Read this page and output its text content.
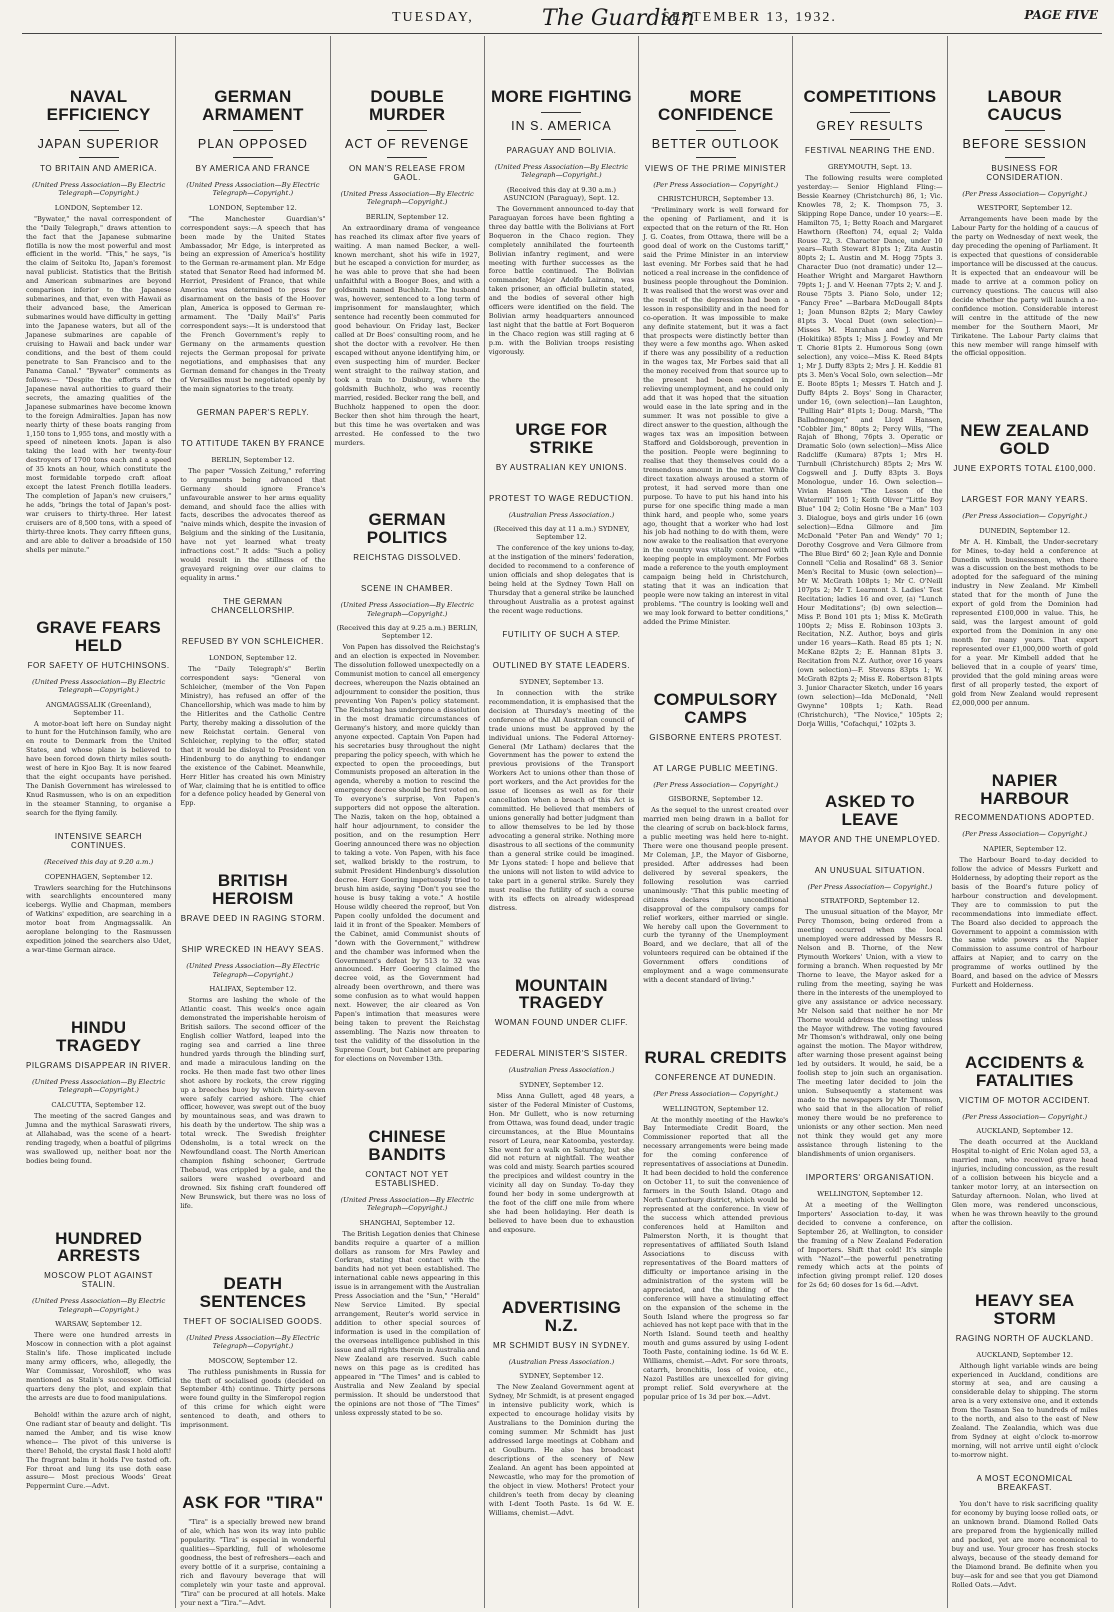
TUESDAY,	The Guardian
SEPTEMBER 13, 1932.	PAGE FIVE
NAVAL EFFICIENCY
JAPAN SUPERIOR
TO BRITAIN AND AMERICA.
(United Press Association—By Electric Telegraph—Copyright.)
LONDON, September 12.
"Bywater," the naval correspondent of the "Daily Telegraph," draws attention to the fact that the Japanese submarine flotilla is now the most powerful and most efficient in the world. "This," he says, "is the claim of Seitoku Ito, Japan's foremost naval publicist. Statistics that the British and American submarines are beyond comparison inferior to the Japanese submarines, and that, even with Hawaii as their advanced base, the American submarines would have difficulty in getting into the Japanese waters, but all of the Japanese submarines are capable of cruising to Hawaii and back under war conditions, and the best of them could penetrate to San Francisco and to the Panama Canal." "Bywater" comments as follows:— "Despite the efforts of the Japanese naval authorities to guard their secrets, the amazing qualities of the Japanese submarines have become known to the foreign Admiralties. Japan has now nearly thirty of these boats ranging from 1,150 tons to 1,955 tons, and mostly with a speed of nineteen knots. Japan is also taking the lead with her twenty-four destroyers of 1700 tons each and a speed of 35 knots an hour, which constitute the most formidable torpedo craft afloat except the latest French flotilla leaders. The completion of Japan's new cruisers," he adds, "brings the total of Japan's post-war cruisers to thirty-three. Her latest cruisers are of 8,500 tons, with a speed of thirty-three knots. They carry fifteen guns, and are able to deliver a broadside of 150 shells per minute."
GRAVE FEARS HELD
FOR SAFETY OF HUTCHINSONS.
(United Press Association—By Electric Telegraph—Copyright.)
ANGMAGSSALIK (Greenland), September 11.
A motor-boat left here on Sunday night to hunt for the Hutchinson family, who are en route to Denmark from the United States, and whose plane is believed to have been forced down thirty miles south-west of here in Kjoo Bay. It is now feared that the eight occupants have perished. The Danish Government has wirelessed to Knud Rasmussen, who is on an expedition in the steamer Stanning, to organise a search for the flying family.
INTENSIVE SEARCH CONTINUES.
(Received this day at 9.20 a.m.)
COPENHAGEN, September 12.
Trawlers searching for the Hutchinsons with searchlights encountered many icebergs. Wyllie and Chapman, members of Watkins' expedition, are searching in a motor boat from Angmagssalik. An aeroplane belonging to the Rasmussen expedition joined the searchers also Udet, a war-time German airace.
HINDU TRAGEDY
PILGRAMS DISAPPEAR IN RIVER.
(United Press Association—By Electric Telegraph—Copyright.)
CALCUTTA, September 12.
The meeting of the sacred Ganges and Jumna and the mythical Saraswati rivers, at Allahabad, was the scene of a heart-rending tragedy, when a boatful of pilgrims was swallowed up, neither boat nor the bodies being found.
HUNDRED ARRESTS
MOSCOW PLOT AGAINST STALIN.
(United Press Association—By Electric Telegraph—Copyright.)
WARSAW, September 12.
There were one hundred arrests in Moscow in connection with a plot against Stalin's life. Those implicated include many army officers, who, allegedly, the War Commissar, Voroshiloff, who was mentioned as Stalin's successor. Official quarters deny the plot, and explain that the arrests are due to food manipulations.
Behold! within the azure arch of night, One radiant star of beauty and delight. 'Tis named the Amber, and tis wise know whence— The pivot of this universe is there! Behold, the crystal flask I hold aloft! The fragrant balm it holds I've tasted oft. For throat and lung its use doth ease assure— Most precious Woods' Great Peppermint Cure.—Advt.
GERMAN ARMAMENT
PLAN OPPOSED
BY AMERICA AND FRANCE
(United Press Association—By Electric Telegraph—Copyright.)
LONDON, September 12.
"The Manchester Guardian's" correspondent says:—A speech that has been made by the United States Ambassador, Mr Edge, is interpreted as being an expression of America's hostility to the German re-armament plan. Mr Edge stated that Senator Reed had informed M. Herriot, President of France, that while America was determined to press for disarmament on the basis of the Hoover plan, America is opposed to German re-armament. The "Daily Mail's" Paris correspondent says:—It is understood that the French Government's reply to Germany on the armaments question rejects the German proposal for private negotiations, and emphasises that any German demand for changes in the Treaty of Versailles must be negotiated openly by the main signatories to the treaty.
GERMAN PAPER'S REPLY.
TO ATTITUDE TAKEN BY FRANCE
BERLIN, September 12.
The paper "Vossich Zeitung," referring to arguments being advanced that Germany should ignore France's unfavourable answer to her arms equality demand, and should face the allies with facts, describes the advocates thereof as "naive minds which, despite the invasion of Belgium and the sinking of the Lusitania, have not yet learned what treaty infractions cost." It adds: "Such a policy would result in the stillness of the graveyard reigning over our claims to equality in arms."
THE GERMAN CHANCELLORSHIP.
REFUSED BY VON SCHLEICHER.
LONDON, September 12.
The "Daily Telegraph's" Berlin correspondent says: "General von Schleicher, (member of the Von Papen Ministry), has refused an offer of the Chancellorship, which was made to him by the Hitlerites and the Catholic Centre Party, thereby making a dissolution of the new Reichstat certain. General von Schleicher, replying to the offer, stated that it would be disloyal to President von Hindenburg to do anything to endanger the existence of the Cabinet. Meanwhile, Herr Hitler has created his own Ministry of War, claiming that he is entitled to office for a defence policy headed by General von Epp.
BRITISH HEROISM
BRAVE DEED IN RAGING STORM.
SHIP WRECKED IN HEAVY SEAS.
(United Press Association—By Electric Telegraph—Copyright.)
HALIFAX, September 12.
Storms are lashing the whole of the Atlantic coast. This week's once again demonstrated the imperishable heroism of British sailors. The second officer of the English collier Watford, leaped into the raging sea and carried a line three hundred yards through the blinding surf, and made a miraculous landing on the rocks. He then made fast two other lines shot ashore by rockets, the crew rigging up a breeches buoy by which thirty-seven were safely carried ashore. The chief officer, however, was swept out of the buoy by mountainous seas, and was drawn to his death by the undertow. The ship was a total wreck. The Swedish freighter Odensholm, is a total wreck on the Newfoundland coast. The North American champion fishing schooner, Gertrude Thebaud, was crippled by a gale, and the sailors were washed overboard and drowned. Six fishing craft foundered off New Brunswick, but there was no loss of life.
DEATH SENTENCES
THEFT OF SOCIALISED GOODS.
(United Press Association—By Electric Telegraph—Copyright.)
MOSCOW, September 12.
The ruthless punishments in Russia for the theft of socialised goods (decided on September 4th) continue. Thirty persons were found guilty in the Simferopol region of this crime for which eight were sentenced to death, and others to imprisonment.
ASK FOR "TIRA"
"Tira" is a specially brewed new brand of ale, which has won its way into public popularity. "Tira" is especial in wonderful qualities—Sparkling, full of wholesome goodness, the best of refreshers—each and every bottle of it a surprise, containing a rich and flavoury beverage that will completely win your taste and approval. "Tira" can be procured at all hotels. Make your next a "Tira."—Advt.
DOUBLE MURDER
ACT OF REVENGE
ON MAN'S RELEASE FROM GAOL.
(United Press Association—By Electric Telegraph—Copyright.)
BERLIN, September 12.
An extraordinary drama of vengeance has reached its climax after five years of waiting. A man named Becker, a well-known merchant, shot his wife in 1927, but he escaped a conviction for murder, as he was able to prove that she had been unfaithful with a Booger Boes, and with a goldsmith named Buchholz. The husband was, however, sentenced to a long term of imprisonment for manslaughter, which sentence had recently been commuted for good behaviour. On Friday last, Becker called at Dr Boes' consulting room, and he shot the doctor with a revolver. He then escaped without anyone identifying him, or even suspecting him of murder. Becker went straight to the railway station, and took a train to Duisburg, where the goldsmith Buchholz, who was recently married, resided. Becker rang the bell, and Buchholz happened to open the door. Becker then shot him through the heart, but this time he was overtaken and was arrested. He confessed to the two murders.
GERMAN POLITICS
REICHSTAG DISSOLVED.
SCENE IN CHAMBER.
(United Press Association—By Electric Telegraph—Copyright.)
(Received this day at 9.25 a.m.) BERLIN, September 12.
Von Papen has dissolved the Reichstag's and an election is expected in November. The dissolution followed unexpectedly on a Communist motion to cancel all emergency decrees, whereupon the Nazis obtained an adjournment to consider the position, thus preventing Von Papen's policy statement. The Reichstag has undergone a dissolution in the most dramatic circumstances of Germany's history, and more quickly than anyone expected. Captain Von Papen had his secretaries busy throughout the night preparing the policy speech, with which he expected to open the proceedings, but Communists proposed an alteration in the agenda, whereby a motion to rescind the emergency decree should be first voted on. To everyone's surprise, Von Papen's supporters did not oppose the alteration. The Nazis, taken on the hop, obtained a half hour adjournment, to consider the position, and on the resumption Herr Goering announced there was no objection to taking a vote. Von Papen, with his face set, walked briskly to the rostrum, to submit President Hindenburg's dissolution decree. Herr Goering impetuously tried to brush him aside, saying "Don't you see the house is busy taking a vote." A hostile House wildly cheered the reproof, but Von Papen coolly unfolded the document and laid it in front of the Speaker. Members of the Cabinet, amid Communist shouts of "down with the Government," withdrew and the chamber was informed when the Government's defeat by 513 to 32 was announced. Herr Goering claimed the decree void, as the Government had already been overthrown, and there was some confusion as to what would happen next. However, the air cleared as Von Papen's intimation that measures were being taken to prevent the Reichstag assembling. The Nazis now threaten to test the validity of the dissolution in the Supreme Court, but Cabinet are preparing for elections on November 13th.
CHINESE BANDITS
CONTACT NOT YET ESTABLISHED.
(United Press Association—By Electric Telegraph—Copyright.)
SHANGHAI, September 12.
The British Legation denies that Chinese bandits require a quarter of a million dollars as ransom for Mrs Pawley and Corkran, stating that contact with the bandits had not yet been established. The international cable news appearing in this issue is in arrangement with the Australian Press Association and the "Sun," "Herald" New Service Limited. By special arrangement, Reuter's world service in addition to other special sources of information is used in the compilation of the overseas intelligence published in this issue and all rights therein in Australia and New Zealand are reserved. Such cable news on this page as is credited has appeared in "The Times" and is cabled to Australia and New Zealand by special permission. It should be understood that the opinions are not those of "The Times" unless expressly stated to be so.
MORE FIGHTING
IN S. AMERICA
PARAGUAY AND BOLIVIA.
(United Press Association—By Electric Telegraph—Copyright.)
(Received this day at 9.30 a.m.) ASUNCION (Paraguay), Sept. 12.
The Government announced to-day that Paraguayan forces have been fighting a three day battle with the Bolivians at Fort Boqueron in the Chaco region. They completely annihilated the fourteenth Bolivian infantry regiment, and were meeting with further successes as the force battle continued. The Bolivian commander, Major Adolfo Lairana, was taken prisoner, an official bulletin stated, and the bodies of several other high officers were identified on the field. The Bolivian army headquarters announced last night that the battle at Fort Boqueron in the Chaco region was still raging at 6 p.m. with the Bolivian troops resisting vigorously.
URGE FOR STRIKE
BY AUSTRALIAN KEY UNIONS.
PROTEST TO WAGE REDUCTION.
(Australian Press Association.)
(Received this day at 11 a.m.) SYDNEY, September 12.
The conference of the key unions to-day, at the instigation of the miners' federation, decided to recommend to a conference of union officials and shop delegates that is being held at the Sydney Town Hall on Thursday that a general strike be launched throughout Australia as a protest against the recent wage reductions.
FUTILITY OF SUCH A STEP.
OUTLINED BY STATE LEADERS.
SYDNEY, September 13.
In connection with the strike recommendation, it is emphasised that the decision at Thursday's meeting of the conference of the All Australian council of trade unions must be approved by the individual unions. The Federal Attorney-General (Mr Latham) declares that the Government has the power to extend the previous provisions of the Transport Workers Act to unions other than those of port workers, and the Act provides for the issue of licenses as well as for their cancellation when a breach of this Act is committed. He believed that members of unions generally had better judgment than to allow themselves to be led by those advocating a general strike. Nothing more disastrous to all sections of the community than a general strike could be imagined. Mr Lyons stated: I hope and believe that the unions will not listen to wild advice to take part in a general strike. Surely they must realise the futility of such a course with its effects on already widespread distress.
MOUNTAIN TRAGEDY
WOMAN FOUND UNDER CLIFF.
FEDERAL MINISTER'S SISTER.
(Australian Press Association.)
SYDNEY, September 12.
Miss Anna Gullett, aged 48 years, a sister of the Federal Minister of Customs, Hon. Mr Gullett, who is now returning from Ottawa, was found dead, under tragic circumstances, at the Blue Mountains resort of Leura, near Katoomba, yesterday. She went for a walk on Saturday, but she did not return at nightfall. The weather was cold and misty. Search parties scoured the precipices and wildest country in the vicinity all day on Sunday. To-day they found her body in some undergrowth at the foot of the cliff one mile from where she had been holidaying. Her death is believed to have been due to exhaustion and exposure.
ADVERTISING N.Z.
MR SCHMIDT BUSY IN SYDNEY.
(Australian Press Association.)
SYDNEY, September 12.
The New Zealand Government agent at Sydney, Mr Schmidt, is at present engaged in intensive publicity work, which is expected to encourage holiday visits by Australians to the Dominion during the coming summer. Mr Schmidt has just addressed large meetings at Cobham and at Goulburn. He also has broadcast descriptions of the scenery of New Zealand. An agent has been appointed at Newcastle, who may for the promotion of the object in view. Mothers! Protect your children's teeth from decay by cleaning with I-dent Tooth Paste. 1s 6d W. E. Williams, chemist.—Advt.
MORE CONFIDENCE
BETTER OUTLOOK
VIEWS OF THE PRIME MINISTER
(Per Press Association— Copyright.)
CHRISTCHURCH, September 13.
"Preliminary work is well forward for the opening of Parliament, and it is expected that on the return of the Rt. Hon J. G. Coates, from Ottawa, there will be a good deal of work on the Customs tariff," said the Prime Minister in an interview last evening. Mr Forbes said that he had noticed a real increase in the confidence of business people throughout the Dominion. It was realised that the worst was over and the result of the depression had been a lesson in responsibility and in the need for co-operation. It was impossible to make any definite statement, but it was a fact that prospects were distinctly better than they were a few months ago. When asked if there was any possibility of a reduction in the wages tax, Mr Forbes said that all the money received from that source up to the present had been expended in relieving unemployment, and he could only add that it was hoped that the situation would ease in the late spring and in the summer. It was not possible to give a direct answer to the question, although the wages tax was an imposition between Stafford and Goldsborough, prevention in the position. People were beginning to realise that they themselves could do a tremendous amount in the matter. While direct taxation always aroused a storm of protest, it had served more than one purpose. To have to put his hand into his purse for one specific thing made a man think hard, and people who, some years ago, thought that a worker who had lost his job had nothing to do with them, were now awake to the realisation that everyone in the country was vitally concerned with keeping people in employment. Mr Forbes made a reference to the youth employment campaign being held in Christchurch, stating that it was an indication that people were now taking an interest in vital problems. "The country is looking well and we may look forward to better conditions," added the Prime Minister.
COMPULSORY CAMPS
GISBORNE ENTERS PROTEST.
AT LARGE PUBLIC MEETING.
(Per Press Association— Copyright.)
GISBORNE, September 12.
As the sequel to the unrest created over married men being drawn in a ballot for the clearing of scrub on back-block farms, a public meeting was held here to-night. There were one thousand people present. Mr Coleman, J.P., the Mayor of Gisborne, presided. After addresses had been delivered by several speakers, the following resolution was carried unanimously: "That this public meeting of citizens declares its unconditional disapproval of the compulsory camps for relief workers, either married or single. We hereby call upon the Government to curb the tyranny of the Unemployment Board, and we declare, that all of the volunteers required can be obtained if the Government offers conditions of employment and a wage commensurate with a decent standard of living."
RURAL CREDITS
CONFERENCE AT DUNEDIN.
(Per Press Association— Copyright.)
WELLINGTON, September 12.
At the monthly meeting of the Hawke's Bay Intermediate Credit Board, the Commissioner reported that all the necessary arrangements were being made for the coming conference of representatives of associations at Dunedin. It had been decided to hold the conference on October 11, to suit the convenience of farmers in the South Island. Otago and North Canterbury district, which would be represented at the conference. In view of the success which attended previous conferences held at Hamilton and Palmerston North, it is thought that representatives of affiliated South Island Associations to discuss with representatives of the Board matters of difficulty or importance arising in the administration of the system will be appreciated, and the holding of the conference will have a stimulating effect on the expansion of the scheme in the South Island where the progress so far achieved has not kept pace with that in the North Island. Sound teeth and healthy mouth and gums assured by using I-odent Tooth Paste, containing iodine. 1s 6d W. E. Williams, chemist.—Advt. For sore throats, catarrh, bronchitis, loss of voice, etc., Nazol Pastilles are unexcelled for giving prompt relief. Sold everywhere at the popular price of 1s 3d per box.—Advt.
COMPETITIONS
GREY RESULTS
FESTIVAL NEARING THE END.
GREYMOUTH, Sept. 13.
The following results were completed yesterday:— Senior Highland Fling:—Bessie Kearney (Christchurch) 86, 1; Vic. Knowles 78, 2; K. Thompson 75, 3. Skipping Rope Dance, under 10 years:—E. Hamilton 75, 1; Betty Roach and Margaret Hawthorn (Reefton) 74, equal 2; Valda Rouse 72, 3. Character Dance, under 10 years—Ruth Stewart 81pts 1; Zita Austin 80pts 2; L. Austin and M. Hogg 75pts 3. Character Duo (not dramatic) under 12—Heather Wright and Margaret Hawthorn 79pts 1; J. and V. Heenan 77pts 2; V. and J. Rouse 75pts 3. Piano Solo, under 12; "Fancy Free" —Barbara McDougall 84pts 1; Joan Munson 82pts 2; Mary Cawley 81pts 3. Vocal Duet (own selection)—Misses M. Hanrahan and J. Warren (Hokitika) 85pts 1; Miss J. Fowley and Mr T. Chorie 81pts 2. Humorous Song (own selection), any voice—Miss K. Reed 84pts 1; Mr J. Duffy 83pts 2; Mrs J. H. Keddie 81 pts 3. Men's Vocal Solo, own selection—Mr E. Boote 85pts 1; Messrs T. Hatch and J. Duffy 84pts 2. Boys' Song in Character, under 16, (own selection)—Ian Laughton, "Pulling Hair" 81pts 1; Doug. Marsh, "The Balladmonger," and Lloyd Hansen, "Cobbler Jim," 80pts 2; Percy Wills, "The Rajah of Bhong, 76pts 3. Operatic or Dramatic Solo (own selection)—Miss Alice Radcliffe (Kumara) 87pts 1; Mrs H. Turnbull (Christchurch) 85pts 2; Mrs W. Cogswell and J. Duffy 83pts 3. Boys Monologue, under 16. Own selection—Vivian Hansen "The Lesson of the Watermill" 105 1; Keith Oliver "Little Boy Blue" 104 2; Colin Hosne "Be a Man" 103 3. Dialogue, boys and girls under 16 (own selection)—Edna Gilmore and Jim McDonald "Peter Pan and Wendy" 70 1; Dorothy Cosgrove and Vera Gilmore from "The Blue Bird" 60 2; Jean Kyle and Donnie Connell "Celia and Rosalind" 68 3. Senior Men's Recital to Music (own selection)—Mr W. McGrath 108pts 1; Mr C. O'Neill 107pts 2; Mr T. Learmont 3. Ladies' Test Recitation; ladies 16 and over, (a) "Lunch Hour Meditations"; (b) own selection—Miss P. Bond 101 pts 1; Miss K. McGrath 100pts 2; Miss E. Robinson 103pts 3. Recitation, N.Z. Author, boys and girls under 16 years—Kath. Read 85 pts 1; N. McKane 82pts 2; E. Hannan 81pts 3. Recitation from N.Z. Author, over 16 years (own selection)—F. Stevens 83pts 1; W. McGrath 82pts 2; Miss E. Robertson 81pts 3. Junior Character Sketch, under 16 years (own selection)—Ida McDonald, "Nell Gwynne" 108pts 1; Kath. Read (Christchurch), "The Novice," 105pts 2; Dorja Willis, "Cofachqui," 102pts 3.
ASKED TO LEAVE
MAYOR AND THE UNEMPLOYED.
AN UNUSUAL SITUATION.
(Per Press Association— Copyright.)
STRATFORD, September 12.
The unusual situation of the Mayor, Mr Percy Thomson, being ordered from a meeting occurred when the local unemployed were addressed by Messrs R. Nelson and B. Thorne, of the New Plymouth Workers' Union, with a view to forming a branch. When requested by Mr Thorne to leave, the Mayor asked for a ruling from the meeting, saying he was there in the interests of the unemployed to give any assistance or advice necessary. Mr Nelson said that neither he nor Mr Thorne would address the meeting unless the Mayor withdrew. The voting favoured Mr Thomson's withdrawal, only one being against the motion. The Mayor withdrew, after warning those present against being led by outsiders. It would, he said, be a foolish step to join such an organisation. The meeting later decided to join the union. Subsequently a statement was made to the newspapers by Mr Thomson, who said that in the allocation of relief money there would be no preference to unionists or any other section. Men need not think they would get any more assistance through listening to the blandishments of union organisers.
IMPORTERS' ORGANISATION.
WELLINGTON, September 12.
At a meeting of the Wellington Importers' Association to-day, it was decided to convene a conference, on September 26, at Wellington, to consider the framing of a New Zealand Federation of Importers. Shift that cold! It's simple with "Nazol"—the powerful penetrating remedy which acts at the points of infection giving prompt relief. 120 doses for 2s 6d; 60 doses for 1s 6d.—Advt.
LABOUR CAUCUS
BEFORE SESSION
BUSINESS FOR CONSIDERATION.
(Per Press Association— Copyright.)
WESTPORT, September 12.
Arrangements have been made by the Labour Party for the holding of a caucus of the party on Wednesday of next week, the day preceding the opening of Parliament. It is expected that questions of considerable importance will be discussed at the caucus. It is expected that an endeavour will be made to arrive at a common policy on currency questions. The caucus will also decide whether the party will launch a no-confidence motion. Considerable interest will centre in the attitude of the new member for the Southern Maori, Mr Tirikatene. The Labour Party claims that this new member will range himself with the official opposition.
NEW ZEALAND GOLD
JUNE EXPORTS TOTAL £100,000.
LARGEST FOR MANY YEARS.
(Per Press Association— Copyright.)
DUNEDIN, September 12.
Mr A. H. Kimball, the Under-secretary for Mines, to-day held a conference at Dunedin with businessmen, when there was a discussion on the best methods to be adopted for the safeguard of the mining industry in New Zealand. Mr Kimbell stated that for the month of June the export of gold from the Dominion had represented £100,000 in value. This, he said, was the largest amount of gold exported from the Dominion in any one month for many years. That export represented over £1,000,000 worth of gold for a year. Mr Kimbell added that he believed that in a couple of years' time, provided that the gold mining areas were first of all properly tested, the export of gold from New Zealand would represent £2,000,000 per annum.
NAPIER HARBOUR
RECOMMENDATIONS ADOPTED.
(Per Press Association— Copyright.)
NAPIER, September 12.
The Harbour Board to-day decided to follow the advice of Messrs Furkett and Holderness, by adopting their report as the basis of the Board's future policy of harbour construction and development. They are to commission to put the recommendations into immediate effect. The Board also decided to approach the Government to appoint a commission with the same wide powers as the Napier Commission to assume control of harbour affairs at Napier, and to carry on the programme of works outlined by the Board, and based on the advice of Messrs Furkett and Holderness.
ACCIDENTS & FATALITIES
VICTIM OF MOTOR ACCIDENT.
(Per Press Association— Copyright.)
AUCKLAND, September 12.
The death occurred at the Auckland Hospital to-night of Eric Nolan aged 53, a married man, who received grave head injuries, including concussion, as the result of a collision between his bicycle and a tanker motor lorry, at an intersection on Saturday afternoon. Nolan, who lived at Glen more, was rendered unconscious, when he was thrown heavily to the ground after the collision.
HEAVY SEA STORM
RAGING NORTH OF AUCKLAND.
AUCKLAND, September 12.
Although light variable winds are being experienced in Auckland, conditions are stormy at sea, and are causing a considerable delay to shipping. The storm area is a very extensive one, and it extends from the Tasman Sea to hundreds of miles to the north, and also to the east of New Zealand. The Zealandia, which was due from Sydney at eight o'clock to-morrow morning, will not arrive until eight o'clock to-morrow night.
A MOST ECONOMICAL BREAKFAST.
You don't have to risk sacrificing quality for economy by buying loose rolled oats, or an unknown brand. Diamond Rolled Oats are prepared from the hygienically milled and packed, yet are more economical to buy and use. Your grocer has fresh stocks always, because of the steady demand for the Diamond brand. Be definite when you buy—ask for and see that you get Diamond Rolled Oats.—Advt.
